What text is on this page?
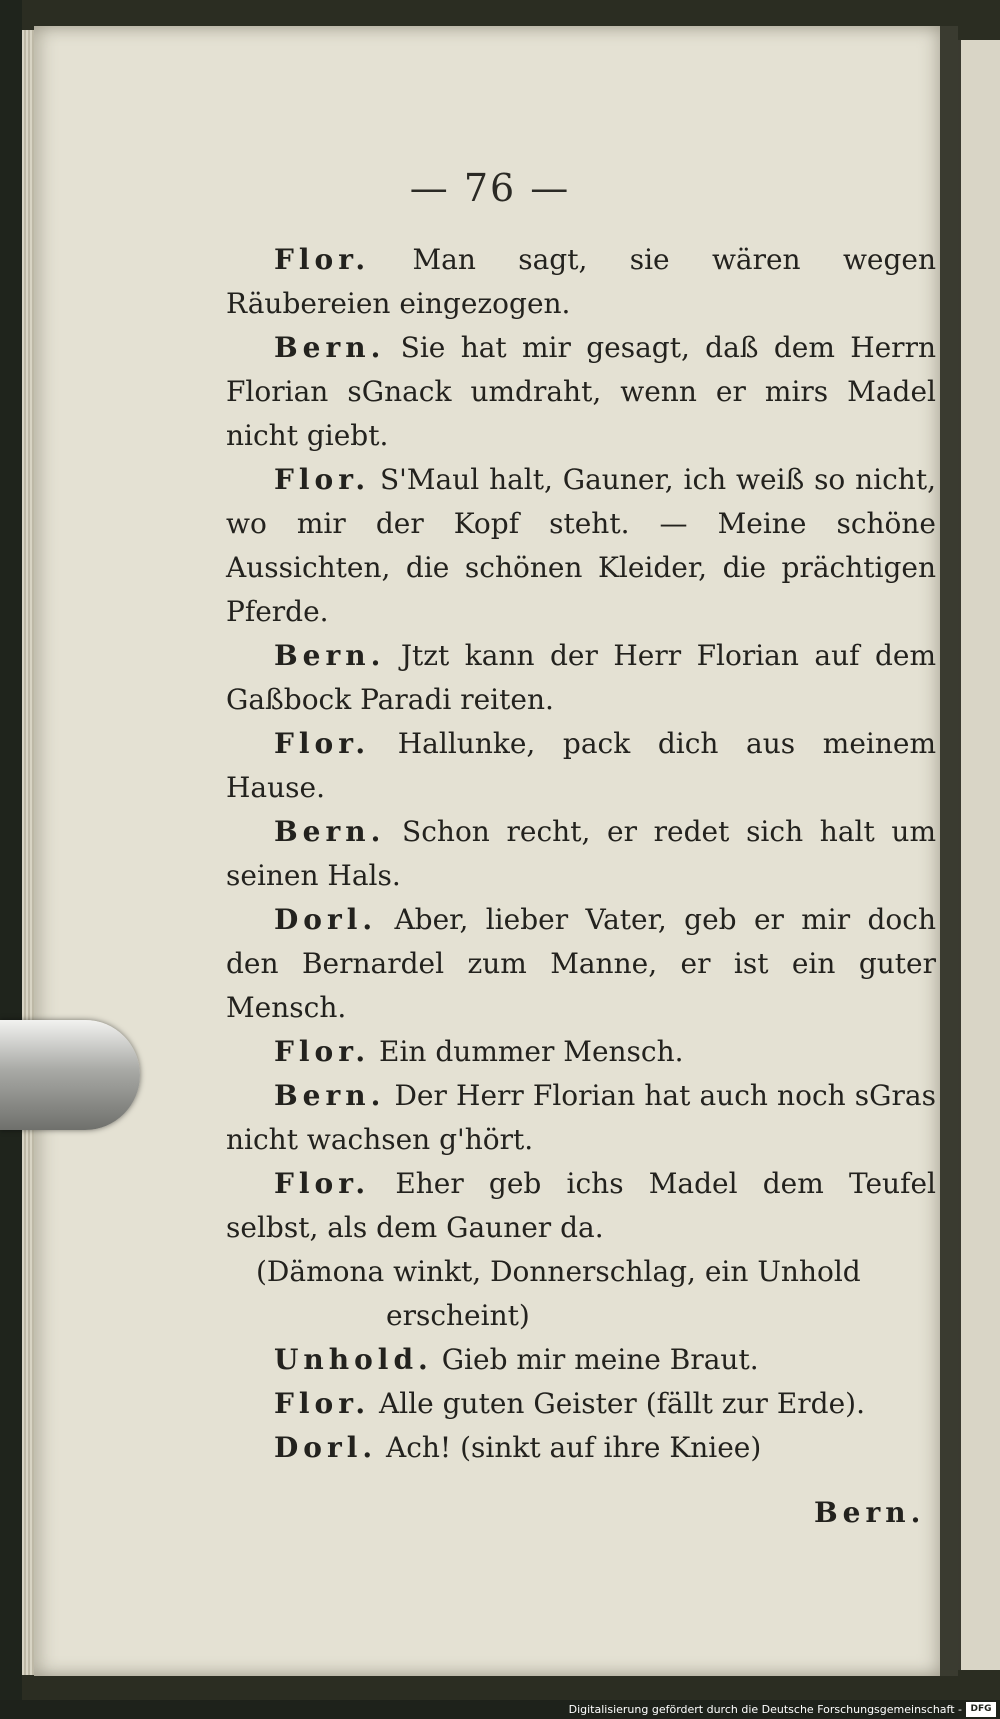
— 76 —

Flor. Man sagt, sie wären wegen Räubereien eingezogen.

Bern. Sie hat mir gesagt, daß dem Herrn Florian sGnack umdraht, wenn er mirs Madel nicht giebt.

Flor. S'Maul halt, Gauner, ich weiß so nicht, wo mir der Kopf steht. — Meine schöne Aussichten, die schönen Kleider, die prächtigen Pferde.

Bern. Jtzt kann der Herr Florian auf dem Gaßbock Paradi reiten.

Flor. Hallunke, pack dich aus meinem Hause.

Bern. Schon recht, er redet sich halt um seinen Hals.

Dorl. Aber, lieber Vater, geb er mir doch den Bernardel zum Manne, er ist ein guter Mensch.

Flor. Ein dummer Mensch.

Bern. Der Herr Florian hat auch noch sGras nicht wachsen g'hört.

Flor. Eher geb ichs Madel dem Teufel selbst, als dem Gauner da.

(Dämona winkt, Donnerschlag, ein Unhold erscheint)

Unhold. Gieb mir meine Braut.

Flor. Alle guten Geister (fällt zur Erde).

Dorl. Ach! (sinkt auf ihre Kniee)

Bern.
Digitalisierung gefördert durch die Deutsche Forschungsgemeinschaft - DFG
